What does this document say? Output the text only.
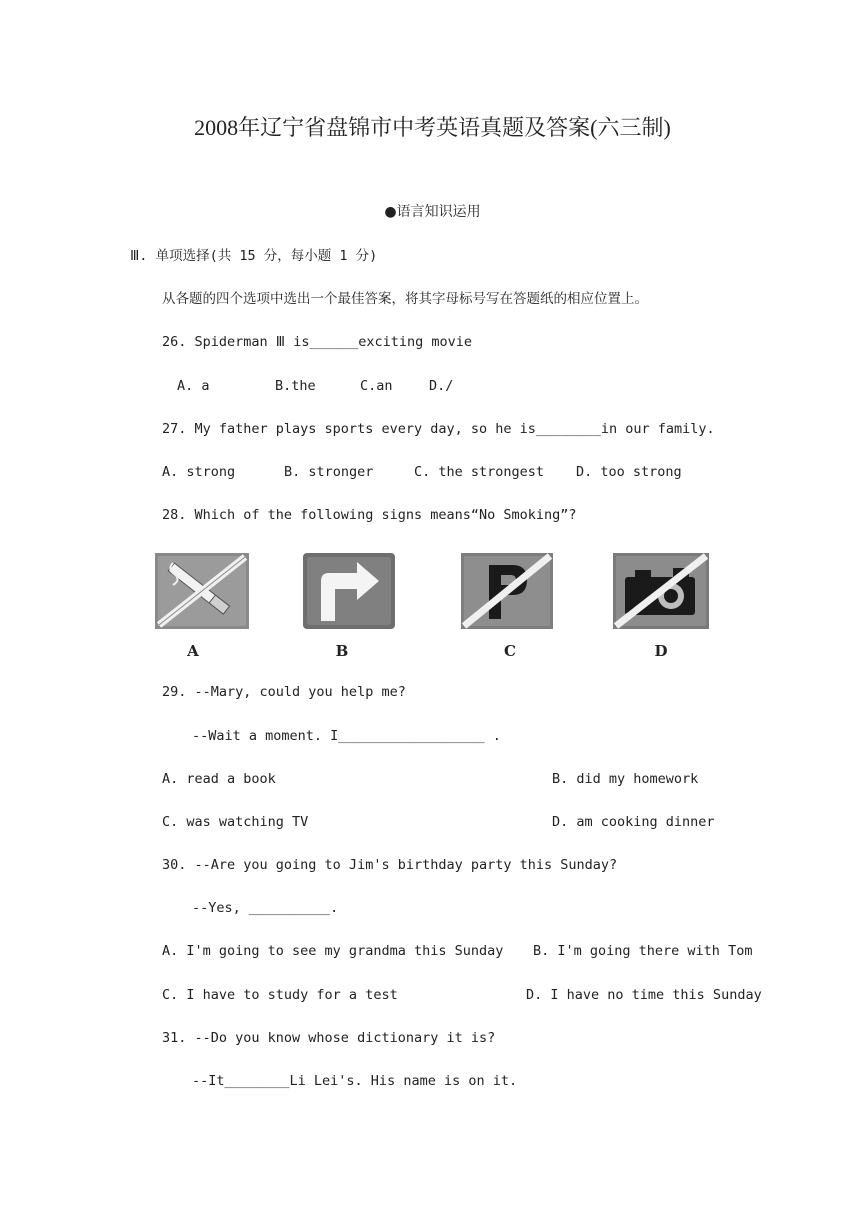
2008年辽宁省盘锦市中考英语真题及答案(六三制)
●语言知识运用
Ⅲ. 单项选择(共 15 分，每小题 1 分)
从各题的四个选项中选出一个最佳答案，将其字母标号写在答题纸的相应位置上。
26. Spiderman Ⅲ is______exciting movie
A. a	B.the	C.an	D./
27. My father plays sports every day, so he is________in our family.
A. strong	B. stronger	C. the strongest D. too strong
28. Which of the following signs means“No Smoking”?
A	B	C	D
29. --Mary, could you help me?
--Wait a moment. I__________________ .
A. read a book	B. did my homework
C. was watching TV	D. am cooking dinner
30. --Are you going to Jim's birthday party this Sunday?
--Yes, __________.
A. I'm going to see my grandma this Sunday B. I'm going there with Tom
C. I have to study for a test	D. I have no time this Sunday
31. --Do you know whose dictionary it is?
--It________Li Lei's. His name is on it.
